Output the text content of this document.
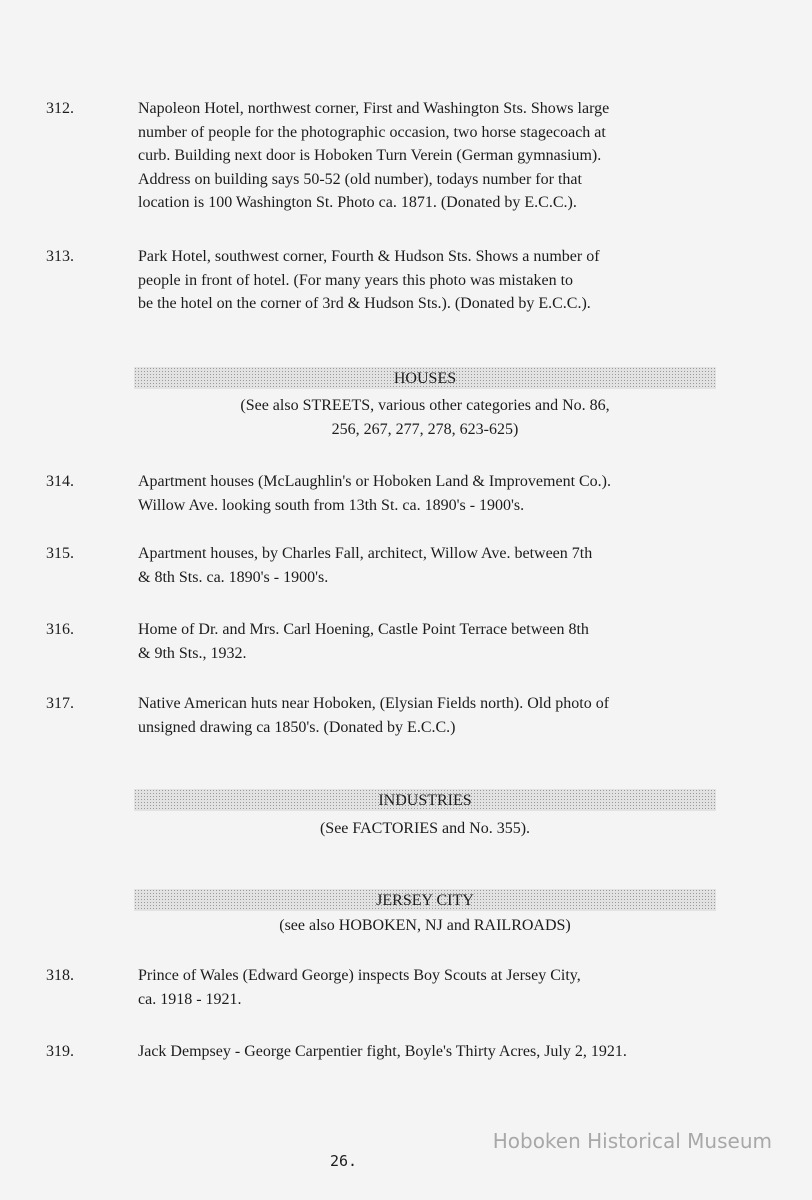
312.	Napoleon Hotel, northwest corner, First and Washington Sts. Shows large
number of people for the photographic occasion, two horse stagecoach at
curb. Building next door is Hoboken Turn Verein (German gymnasium).
Address on building says 50-52 (old number), todays number for that
location is 100 Washington St. Photo ca. 1871. (Donated by E.C.C.).
313.	Park Hotel, southwest corner, Fourth & Hudson Sts. Shows a number of
people in front of hotel. (For many years this photo was mistaken to
be the hotel on the corner of 3rd & Hudson Sts.). (Donated by E.C.C.).
HOUSES
(See also STREETS, various other categories and No. 86,
256, 267, 277, 278, 623-625)
314.	Apartment houses (McLaughlin's or Hoboken Land & Improvement Co.).
Willow Ave. looking south from 13th St. ca. 1890's - 1900's.
315.	Apartment houses, by Charles Fall, architect, Willow Ave. between 7th
& 8th Sts. ca. 1890's - 1900's.
316.	Home of Dr. and Mrs. Carl Hoening, Castle Point Terrace between 8th
& 9th Sts., 1932.
317.	Native American huts near Hoboken, (Elysian Fields north). Old photo of
unsigned drawing ca 1850's. (Donated by E.C.C.)
INDUSTRIES
(See FACTORIES and No. 355).
JERSEY CITY
(see also HOBOKEN, NJ and RAILROADS)
318.	Prince of Wales (Edward George) inspects Boy Scouts at Jersey City,
ca. 1918 - 1921.
319.	Jack Dempsey - George Carpentier fight, Boyle's Thirty Acres, July 2, 1921.
26.
Hoboken Historical Museum
